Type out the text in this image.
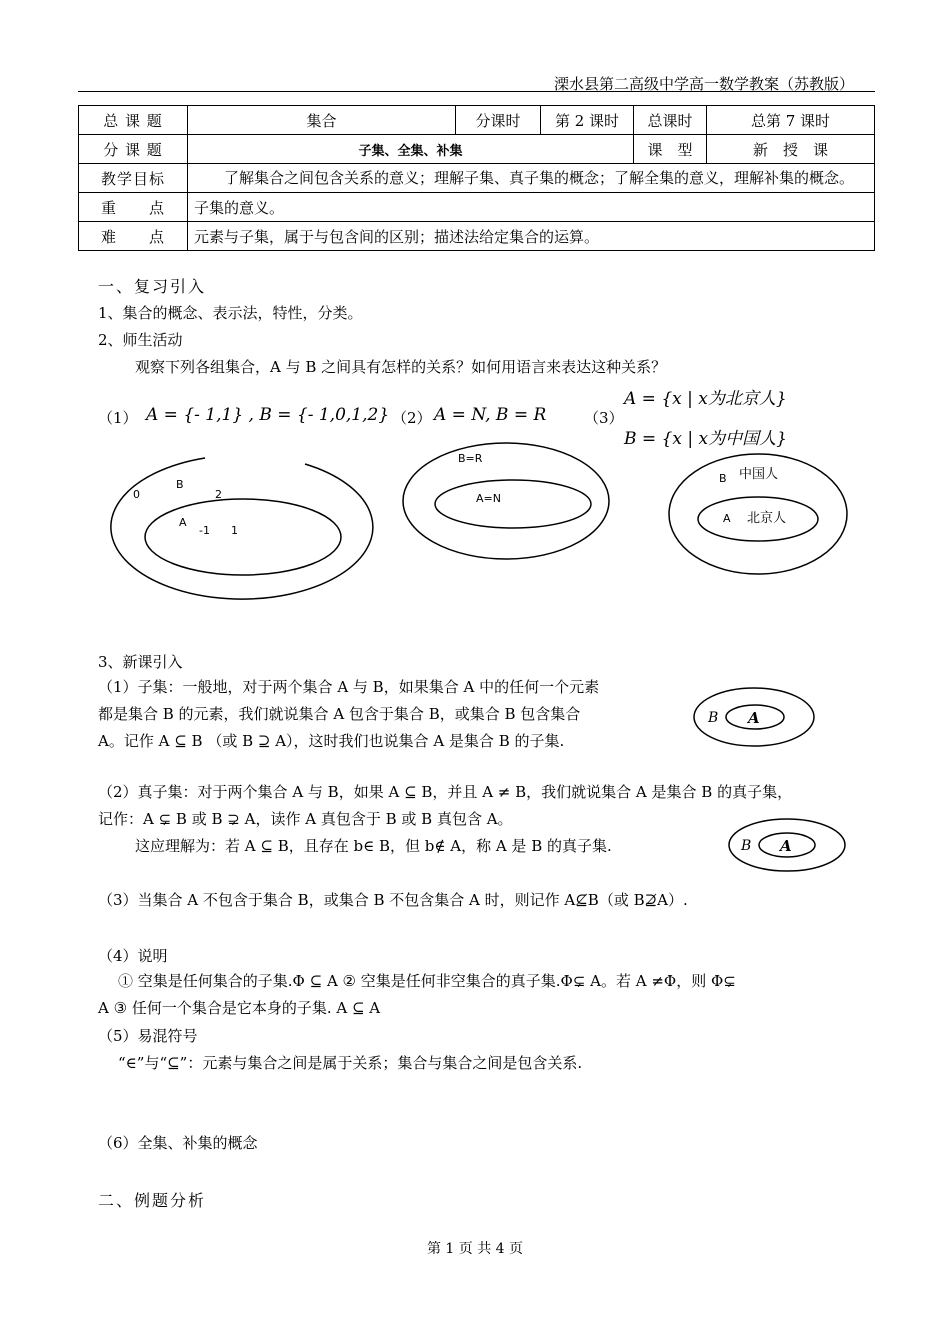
溧水县第二高级中学高一数学教案（苏教版）
总 课 题	集合	分课时	第 2 课时	总课时	总第 7 课时
分 课 题	子集、全集、补集			课　型	新　授　课
教学目标	了解集合之间包含关系的意义；理解子集、真子集的概念；了解全集的意义，理解补集的概念。				
重　　点	子集的意义。				
难　　点	元素与子集，属于与包含间的区别；描述法给定集合的运算。				
一、复习引入
1、集合的概念、表示法，特性，分类。
2、师生活动
观察下列各组集合，A 与 B 之间具有怎样的关系？如何用语言来表达这种关系？
（1） A = {- 1,1} , B = {- 1,0,1,2} （2） A = N, B = R	（3）
A = {x | x为北京人}
B = {x | x为中国人}
0
B
2
A
-1 1
B=R
A=N
B 中国人
A 北京人
3、新课引入
（1）子集：一般地，对于两个集合 A 与 B，如果集合 A 中的任何一个元素
都是集合 B 的元素，我们就说集合 A 包含于集合 B，或集合 B 包含集合
A。记作 A ⊆ B （或 B ⊇ A），这时我们也说集合 A 是集合 B 的子集.
B A
（2）真子集：对于两个集合 A 与 B，如果 A ⊆ B，并且 A ≠ B，我们就说集合 A 是集合 B 的真子集，
记作：A ⊊ B 或 B ⊋ A，读作 A 真包含于 B 或 B 真包含 A。
这应理解为：若 A ⊆ B，且存在 b∈ B，但 b∉ A，称 A 是 B 的真子集.	B A
（3）当集合 A 不包含于集合 B，或集合 B 不包含集合 A 时，则记作 A⊈B（或 B⊉A）.
（4）说明
① 空集是任何集合的子集.Φ ⊆ A ② 空集是任何非空集合的真子集.Φ⊊ A。若 A ≠Φ，则 Φ⊊
A ③ 任何一个集合是它本身的子集. A ⊆ A
（5）易混符号
“∈”与“⊆”：元素与集合之间是属于关系；集合与集合之间是包含关系.
（6）全集、补集的概念
二、例题分析
第 1 页 共 4 页
